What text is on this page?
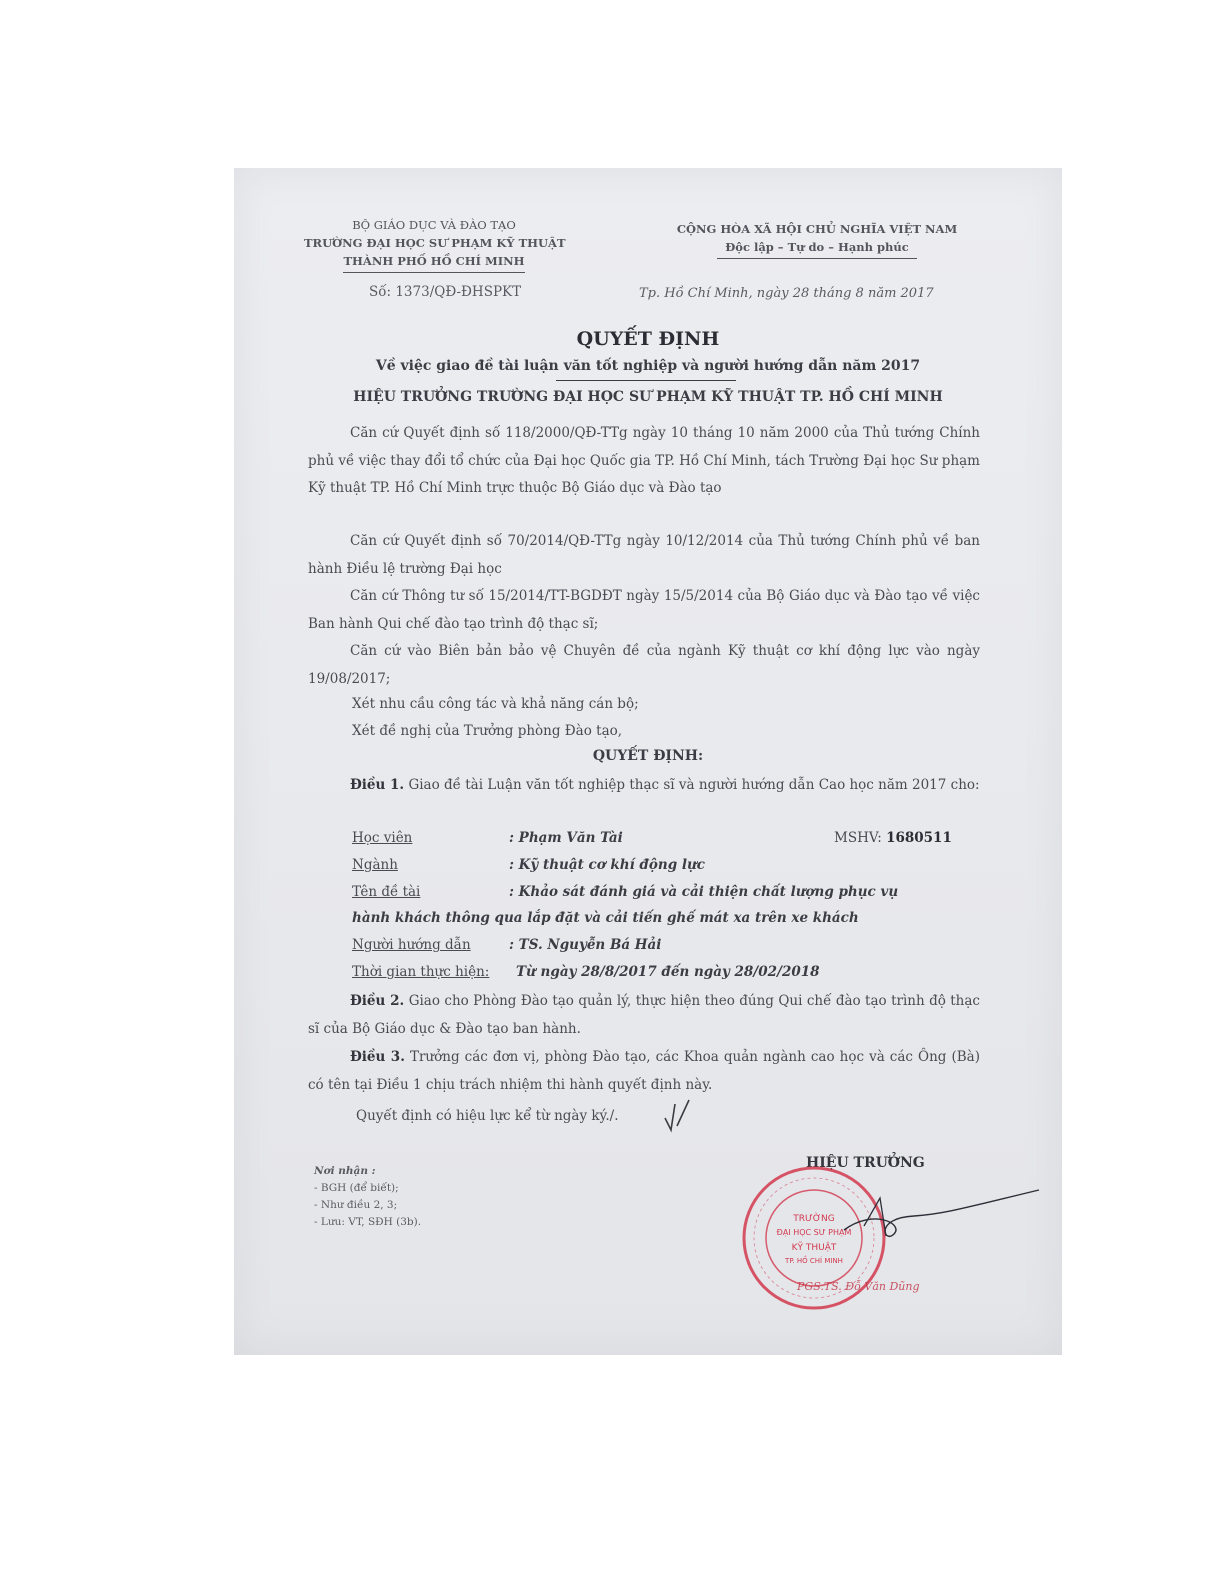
BỘ GIÁO DỤC VÀ ĐÀO TẠO
TRƯỜNG ĐẠI HỌC SƯ PHẠM KỸ THUẬT
THÀNH PHỐ HỒ CHÍ MINH
CỘNG HÒA XÃ HỘI CHỦ NGHĨA VIỆT NAM
Độc lập – Tự do – Hạnh phúc
Số: 1373/QĐ-ĐHSPKT	Tp. Hồ Chí Minh, ngày 28 tháng 8 năm 2017
QUYẾT ĐỊNH
Về việc giao đề tài luận văn tốt nghiệp và người hướng dẫn năm 2017
HIỆU TRƯỞNG TRƯỜNG ĐẠI HỌC SƯ PHẠM KỸ THUẬT TP. HỒ CHÍ MINH
Căn cứ Quyết định số 118/2000/QĐ-TTg ngày 10 tháng 10 năm 2000 của Thủ tướng Chính phủ về việc thay đổi tổ chức của Đại học Quốc gia TP. Hồ Chí Minh, tách Trường Đại học Sư phạm Kỹ thuật TP. Hồ Chí Minh trực thuộc Bộ Giáo dục và Đào tạo
Căn cứ Quyết định số 70/2014/QĐ-TTg ngày 10/12/2014 của Thủ tướng Chính phủ về ban hành Điều lệ trường Đại học
Căn cứ Thông tư số 15/2014/TT-BGDĐT ngày 15/5/2014 của Bộ Giáo dục và Đào tạo về việc Ban hành Qui chế đào tạo trình độ thạc sĩ;
Căn cứ vào Biên bản bảo vệ Chuyên đề của ngành Kỹ thuật cơ khí động lực vào ngày 19/08/2017;
Xét nhu cầu công tác và khả năng cán bộ;
Xét đề nghị của Trưởng phòng Đào tạo,
QUYẾT ĐỊNH:
Điều 1. Giao đề tài Luận văn tốt nghiệp thạc sĩ và người hướng dẫn Cao học năm 2017 cho:
Học viên	: Phạm Văn Tài	MSHV: 1680511
Ngành	: Kỹ thuật cơ khí động lực
Tên đề tài	: Khảo sát đánh giá và cải thiện chất lượng phục vụ
hành khách thông qua lắp đặt và cải tiến ghế mát xa trên xe khách
Người hướng dẫn	: TS. Nguyễn Bá Hải
Thời gian thực hiện: Từ ngày 28/8/2017 đến ngày 28/02/2018
Điều 2. Giao cho Phòng Đào tạo quản lý, thực hiện theo đúng Qui chế đào tạo trình độ thạc sĩ của Bộ Giáo dục & Đào tạo ban hành.
Điều 3. Trưởng các đơn vị, phòng Đào tạo, các Khoa quản ngành cao học và các Ông (Bà) có tên tại Điều 1 chịu trách nhiệm thi hành quyết định này.
Quyết định có hiệu lực kể từ ngày ký./.
Nơi nhận :
- BGH (để biết);
- Như điều 2, 3;
- Lưu: VT, SĐH (3b).
HIỆU TRƯỞNG
TRƯỜNG
ĐẠI HỌC SƯ PHẠM
KỸ THUẬT
TP. HỒ CHÍ MINH
PGS.TS. Đỗ Văn Dũng
